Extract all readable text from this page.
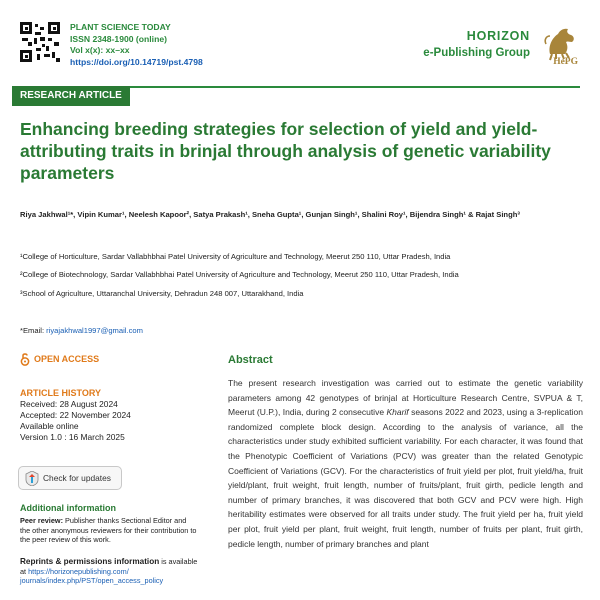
PLANT SCIENCE TODAY
ISSN 2348-1900 (online)
Vol x(x): xx–xx
https://doi.org/10.14719/pst.4798
HORIZON
e-Publishing Group
HePG
RESEARCH ARTICLE
Enhancing breeding strategies for selection of yield and yield-attributing traits in brinjal through analysis of genetic variability parameters
Riya Jakhwal¹*, Vipin Kumar¹, Neelesh Kapoor², Satya Prakash¹, Sneha Gupta¹, Gunjan Singh¹, Shalini Roy¹, Bijendra Singh¹ & Rajat Singh³
¹College of Horticulture, Sardar Vallabhbhai Patel University of Agriculture and Technology, Meerut 250 110, Uttar Pradesh, India
²College of Biotechnology, Sardar Vallabhbhai Patel University of Agriculture and Technology, Meerut 250 110, Uttar Pradesh, India
³School of Agriculture, Uttaranchal University, Dehradun 248 007, Uttarakhand, India
*Email: riyajakhwal1997@gmail.com
OPEN ACCESS
ARTICLE HISTORY
Received: 28 August 2024
Accepted: 22 November 2024
Available online
Version 1.0 : 16 March 2025
Check for updates
Additional information
Peer review: Publisher thanks Sectional Editor and the other anonymous reviewers for their contribution to the peer review of this work.
Reprints & permissions information is available at https://horizonepublishing.com/
journals/index.php/PST/open_access_policy
Abstract
The present research investigation was carried out to estimate the genetic variability parameters among 42 genotypes of brinjal at Horticulture Research Centre, SVPUA & T, Meerut (U.P.), India, during 2 consecutive Kharif seasons 2022 and 2023, using a 3-replication randomized complete block design. According to the analysis of variance, all the characteristics under study exhibited sufficient variability. For each character, it was found that the Phenotypic Coefficient of Variations (PCV) was greater than the related Genotypic Coefficient of Variations (GCV). For the characteristics of fruit yield per plot, fruit yield/ha, fruit yield/plant, fruit weight, fruit length, number of fruits/plant, fruit girth, pedicle length and number of primary branches, it was discovered that both GCV and PCV were high. High heritability estimates were observed for all traits under study. The fruit yield per ha, fruit yield per plot, fruit yield per plant, fruit weight, fruit length, number of fruits per plant, fruit girth, pedicle length, number of primary branches and plant
